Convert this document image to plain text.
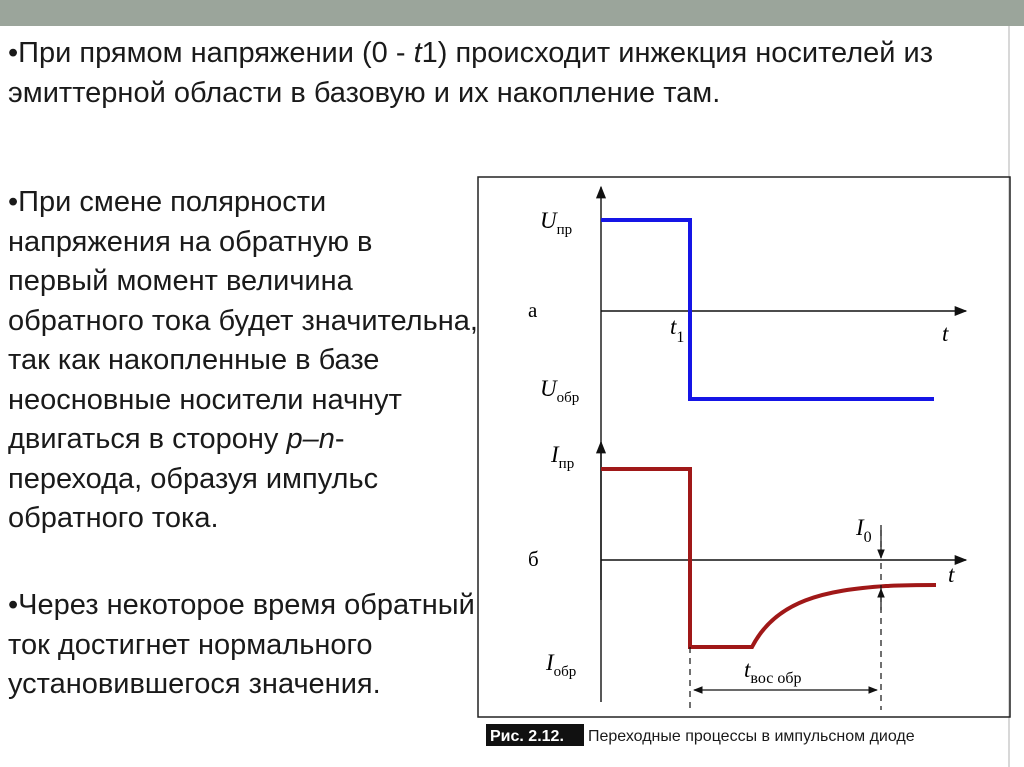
•При прямом напряжении (0 - t1) происходит инжекция носителей из эмиттерной области в базовую и их накопление там.

•При смене полярности напряжения на обратную в первый момент величина обратного тока будет значительна, так как накопленные в базе неосновные носители начнут двигаться в сторону p–n-перехода, образуя импульс обратного тока.

•Через некоторое время обратный ток достигнет нормального установившегося значения.

а
б
$U_{пр}$
$U_{обр}$
t
$t_1$
$I_{пр}$
$I_{обр}$
$I_0$
t
$t_{вос обр}$
Рис. 2.12. Переходные процессы в импульсном диоде
